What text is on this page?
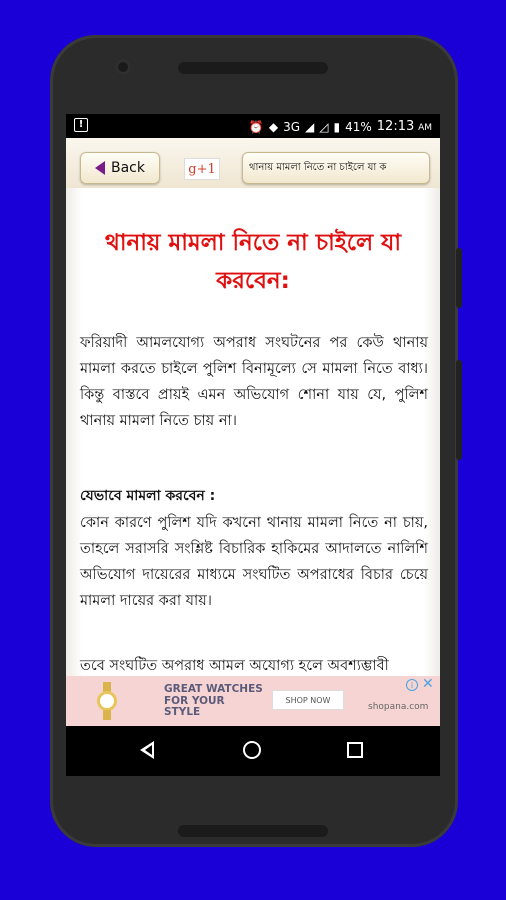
!	⏰ ◆ 3G ◢ ◿ ▮ 41% 12:13 AM
Back	g+1	থানায় মামলা নিতে না চাইলে যা ক
থানায় মামলা নিতে না চাইলে যা করবেন:
ফরিয়াদী আমলযোগ্য অপরাধ সংঘটনের পর কেউ থানায় মামলা করতে চাইলে পুলিশ বিনামূল্যে সে মামলা নিতে বাধ্য। কিন্তু বাস্তবে প্রায়ই এমন অভিযোগ শোনা যায় যে, পুলিশ থানায় মামলা নিতে চায় না।
যেভাবে মামলা করবেন :
কোন কারণে পুলিশ যদি কখনো থানায় মামলা নিতে না চায়, তাহলে সরাসরি সংশ্লিষ্ট বিচারিক হাকিমের আদালতে নালিশি অভিযোগ দায়েরের মাধ্যমে সংঘটিত অপরাধের বিচার চেয়ে মামলা দায়ের করা যায়।
তবে সংঘটিত অপরাধ আমল অযোগ্য হলে অবশ্যম্ভাবী
GREAT WATCHES
FOR YOUR
STYLE
SHOP NOW
shopana.com
i ✕
